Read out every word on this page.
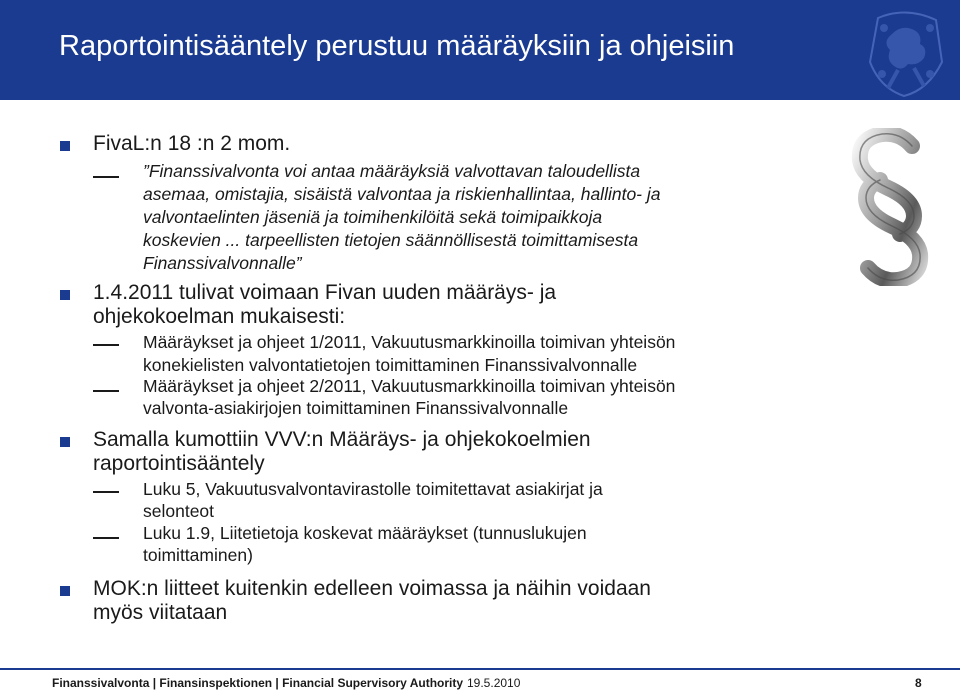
Raportointisääntely perustuu määräyksiin ja ohjeisiin
FivaL:n 18 :n 2 mom.
”Finanssivalvonta voi antaa määräyksiä valvottavan taloudellista
asemaa, omistajia, sisäistä valvontaa ja riskienhallintaa, hallinto- ja
valvontaelinten jäseniä ja toimihenkilöitä sekä toimipaikkoja
koskevien ... tarpeellisten tietojen säännöllisestä toimittamisesta
Finanssivalvonnalle”
1.4.2011 tulivat voimaan Fivan uuden määräys- ja
ohjekokoelman mukaisesti:
Määräykset ja ohjeet 1/2011, Vakuutusmarkkinoilla toimivan yhteisön
konekielisten valvontatietojen toimittaminen Finanssivalvonnalle
Määräykset ja ohjeet 2/2011, Vakuutusmarkkinoilla toimivan yhteisön
valvonta-asiakirjojen toimittaminen Finanssivalvonnalle
Samalla kumottiin VVV:n Määräys- ja ohjekokoelmien
raportointisääntely
Luku 5, Vakuutusvalvontavirastolle toimitettavat asiakirjat ja
selonteot
Luku 1.9, Liitetietoja koskevat määräykset (tunnuslukujen
toimittaminen)
MOK:n liitteet kuitenkin edelleen voimassa ja näihin voidaan
myös viitataan
Finanssivalvonta | Finansinspektionen | Financial Supervisory Authority 19.5.2010	8
